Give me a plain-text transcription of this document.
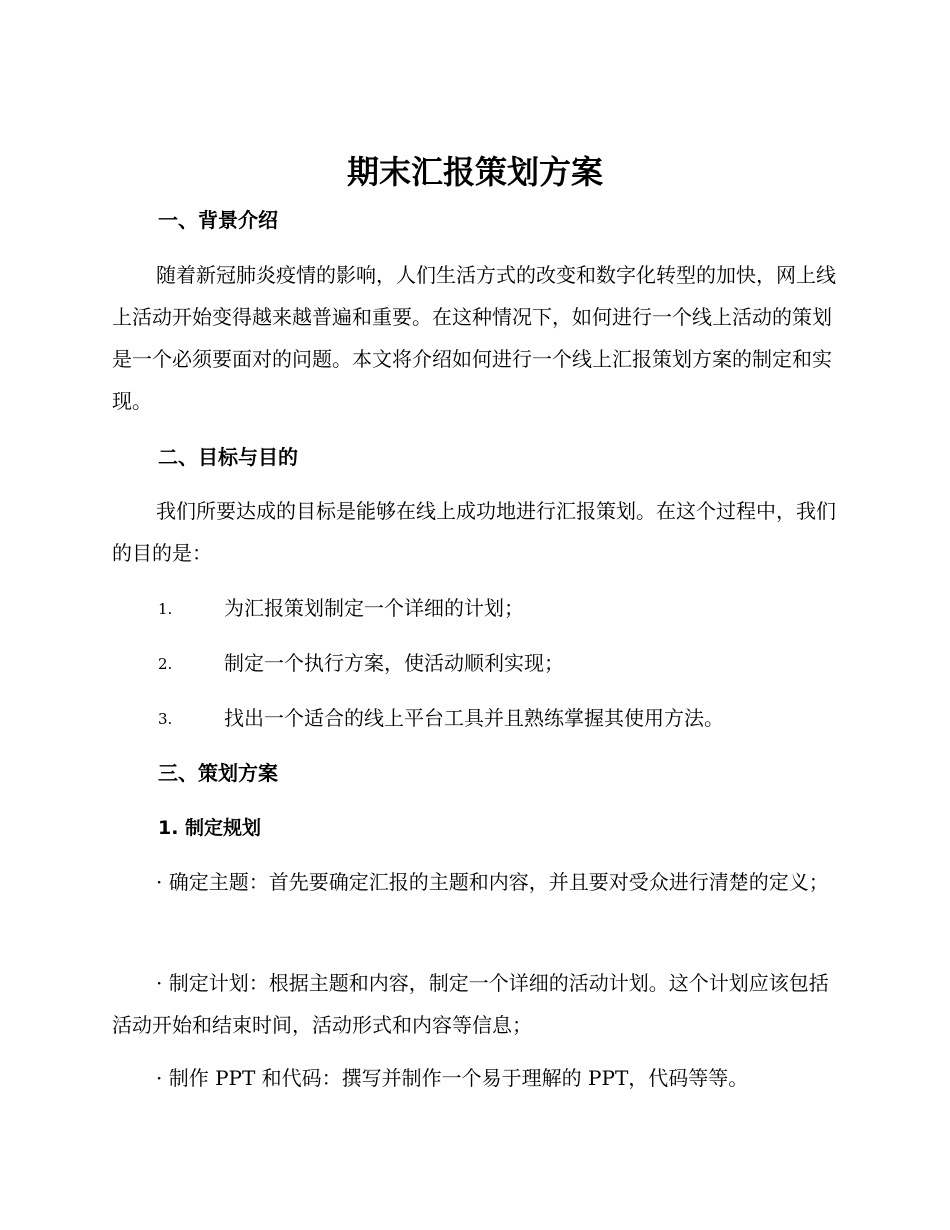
期末汇报策划方案
一、背景介绍

随着新冠肺炎疫情的影响，人们生活方式的改变和数字化转型的加快，网上线上活动开始变得越来越普遍和重要。在这种情况下，如何进行一个线上活动的策划是一个必须要面对的问题。本文将介绍如何进行一个线上汇报策划方案的制定和实现。

二、目标与目的

我们所要达成的目标是能够在线上成功地进行汇报策划。在这个过程中，我们的目的是：

1.	为汇报策划制定一个详细的计划；

2.	制定一个执行方案，使活动顺利实现；

3.	找出一个适合的线上平台工具并且熟练掌握其使用方法。

三、策划方案
1. 制定规划

· 确定主题：首先要确定汇报的主题和内容，并且要对受众进行清楚的定义；

· 制定计划：根据主题和内容，制定一个详细的活动计划。这个计划应该包括活动开始和结束时间，活动形式和内容等信息；

· 制作 PPT 和代码：撰写并制作一个易于理解的 PPT，代码等等。
